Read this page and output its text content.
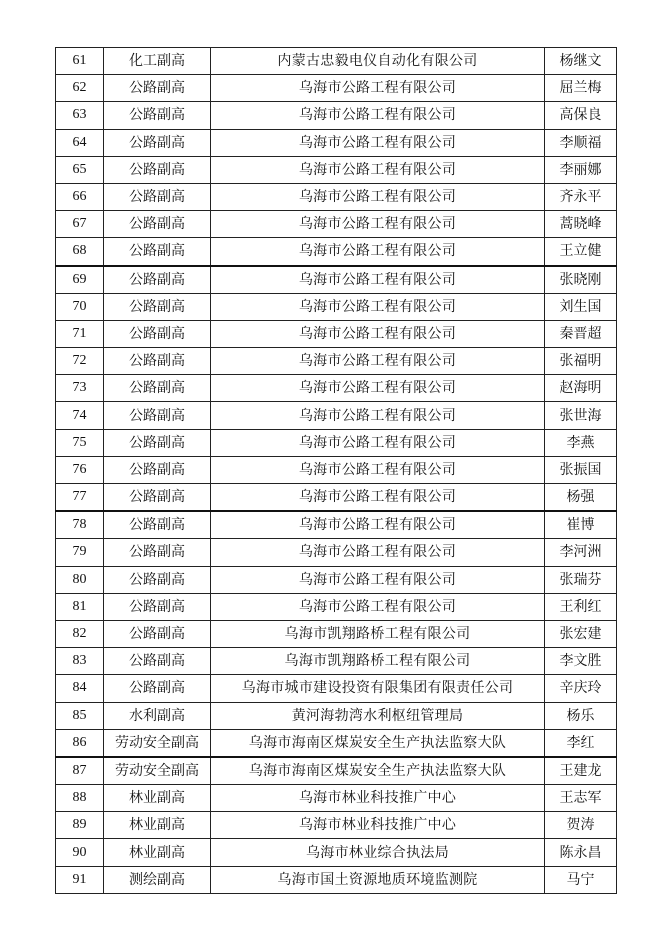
61	化工副高	内蒙古忠毅电仪自动化有限公司	杨继文
62	公路副高	乌海市公路工程有限公司	屈兰梅
63	公路副高	乌海市公路工程有限公司	高保良
64	公路副高	乌海市公路工程有限公司	李顺福
65	公路副高	乌海市公路工程有限公司	李丽娜
66	公路副高	乌海市公路工程有限公司	齐永平
67	公路副高	乌海市公路工程有限公司	蒿晓峰
68	公路副高	乌海市公路工程有限公司	王立健
69	公路副高	乌海市公路工程有限公司	张晓刚
70	公路副高	乌海市公路工程有限公司	刘生国
71	公路副高	乌海市公路工程有限公司	秦晋超
72	公路副高	乌海市公路工程有限公司	张福明
73	公路副高	乌海市公路工程有限公司	赵海明
74	公路副高	乌海市公路工程有限公司	张世海
75	公路副高	乌海市公路工程有限公司	李燕
76	公路副高	乌海市公路工程有限公司	张振国
77	公路副高	乌海市公路工程有限公司	杨强
78	公路副高	乌海市公路工程有限公司	崔博
79	公路副高	乌海市公路工程有限公司	李河洲
80	公路副高	乌海市公路工程有限公司	张瑞芬
81	公路副高	乌海市公路工程有限公司	王利红
82	公路副高	乌海市凯翔路桥工程有限公司	张宏建
83	公路副高	乌海市凯翔路桥工程有限公司	李文胜
84	公路副高	乌海市城市建设投资有限集团有限责任公司	辛庆玲
85	水利副高	黄河海勃湾水利枢纽管理局	杨乐
86	劳动安全副高	乌海市海南区煤炭安全生产执法监察大队	李红
87	劳动安全副高	乌海市海南区煤炭安全生产执法监察大队	王建龙
88	林业副高	乌海市林业科技推广中心	王志军
89	林业副高	乌海市林业科技推广中心	贺涛
90	林业副高	乌海市林业综合执法局	陈永昌
91	测绘副高	乌海市国土资源地质环境监测院	马宁
